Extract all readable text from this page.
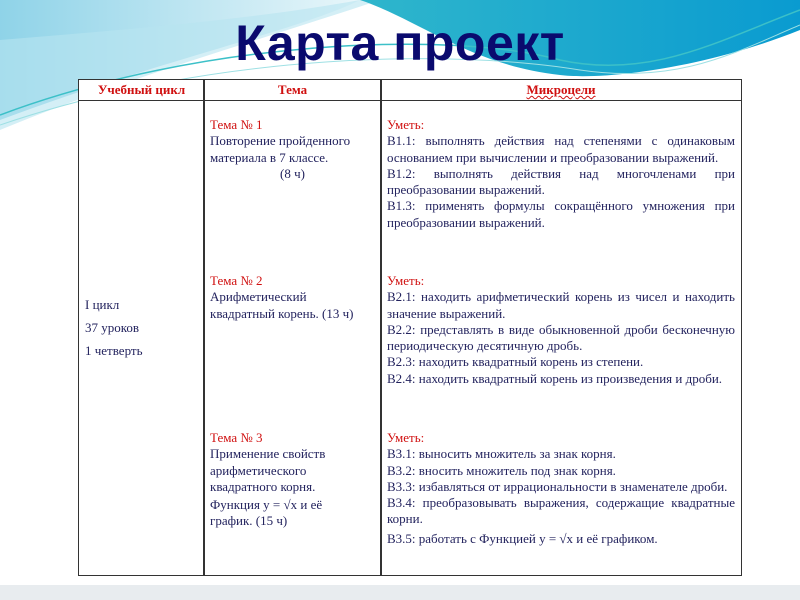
Карта проект
Учебный цикл	Тема	Микроцели
I цикл
37 уроков
1 четверть
Тема № 1
Повторение пройденного
материала в 7 классе.
(8 ч)
Уметь:
В1.1: выполнять действия над степенями с одинаковым основанием при вычислении и преобразовании выражений.
В1.2: выполнять действия над многочленами при преобразовании выражений.
В1.3: применять формулы сокращённого умножения при преобразовании выражений.
Тема № 2
Арифметический
квадратный корень. (13 ч)
Уметь:
В2.1: находить арифметический корень из чисел и находить значение выражений.
В2.2: представлять в виде обыкновенной дроби бесконечную периодическую десятичную дробь.
В2.3: находить квадратный корень из степени.
В2.4: находить квадратный корень из произведения и дроби.
Тема № 3
Применение свойств
арифметического
квадратного корня.
Функция y = √x и её
график. (15 ч)
Уметь:
В3.1: выносить множитель за знак корня.
В3.2: вносить множитель под знак корня.
В3.3: избавляться от иррациональности в знаменателе дроби.
В3.4: преобразовывать выражения, содержащие квадратные корни.
В3.5: работать с Функцией y = √x и её графиком.
